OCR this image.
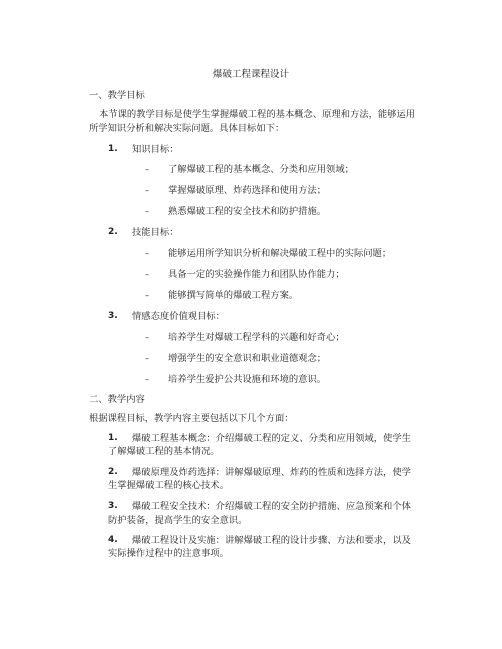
爆破工程课程设计
一、教学目标
本节课的教学目标是使学生掌握爆破工程的基本概念、原理和方法，能够运用
所学知识分析和解决实际问题。具体目标如下：
1. 知识目标：
– 了解爆破工程的基本概念、分类和应用领域；
– 掌握爆破原理、炸药选择和使用方法；
– 熟悉爆破工程的安全技术和防护措施。
2. 技能目标：
– 能够运用所学知识分析和解决爆破工程中的实际问题；
– 具备一定的实验操作能力和团队协作能力；
– 能够撰写简单的爆破工程方案。
3. 情感态度价值观目标：
– 培养学生对爆破工程学科的兴趣和好奇心；
– 增强学生的安全意识和职业道德观念；
– 培养学生爱护公共设施和环境的意识。
二、教学内容
根据课程目标，教学内容主要包括以下几个方面：
1. 爆破工程基本概念：介绍爆破工程的定义、分类和应用领域，使学生
了解爆破工程的基本情况。
2. 爆破原理及炸药选择：讲解爆破原理、炸药的性质和选择方法，使学
生掌握爆破工程的核心技术。
3. 爆破工程安全技术：介绍爆破工程的安全防护措施、应急预案和个体
防护装备，提高学生的安全意识。
4. 爆破工程设计及实施：讲解爆破工程的设计步骤、方法和要求，以及
实际操作过程中的注意事项。
